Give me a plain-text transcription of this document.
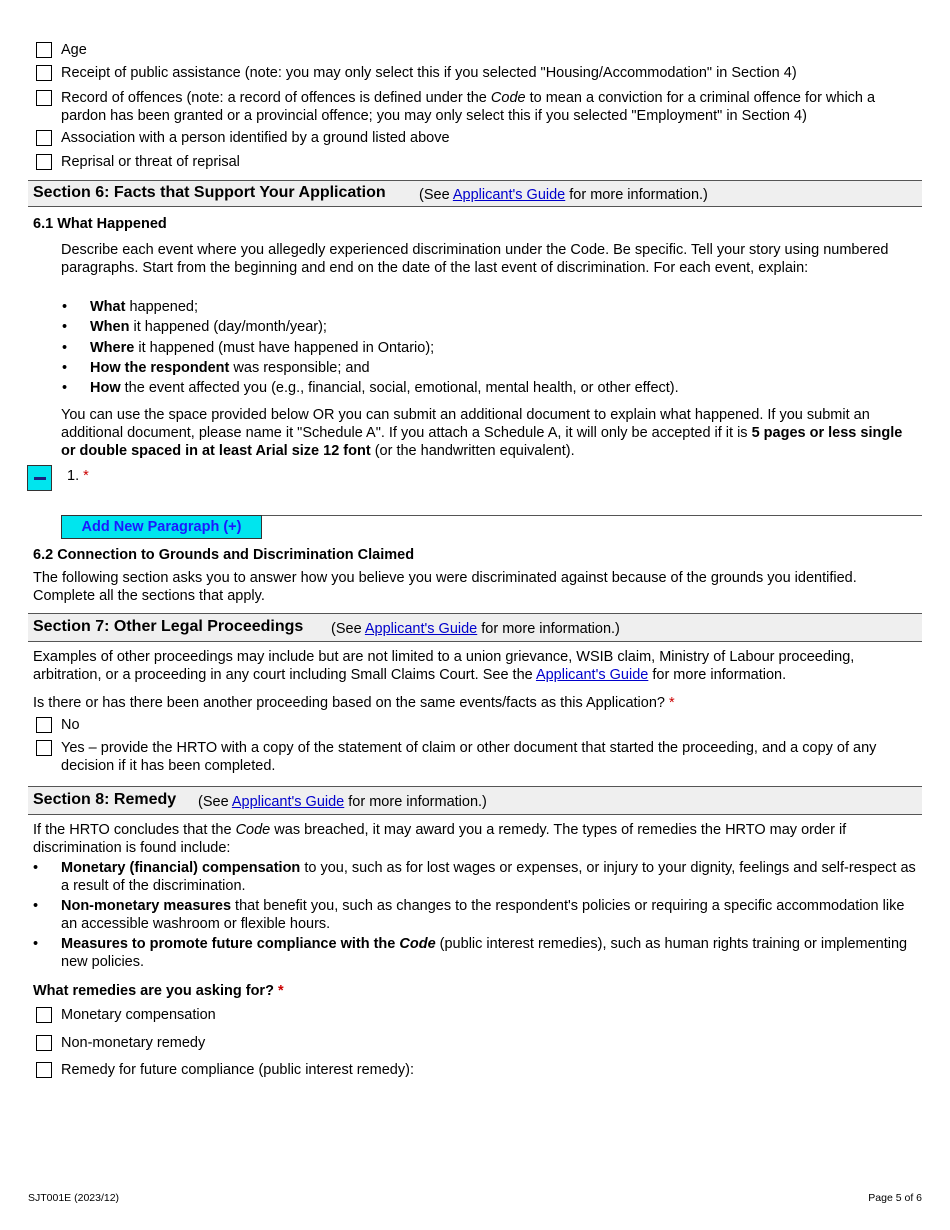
Age
Receipt of public assistance (note: you may only select this if you selected "Housing/Accommodation" in Section 4)
Record of offences (note: a record of offences is defined under the Code to mean a conviction for a criminal offence for which a pardon has been granted or a provincial offence; you may only select this if you selected "Employment" in Section 4)
Association with a person identified by a ground listed above
Reprisal or threat of reprisal
Section 6: Facts that Support Your Application (See Applicant's Guide for more information.)
6.1 What Happened
Describe each event where you allegedly experienced discrimination under the Code. Be specific. Tell your story using numbered paragraphs. Start from the beginning and end on the date of the last event of discrimination. For each event, explain:
• What happened;
• When it happened (day/month/year);
• Where it happened (must have happened in Ontario);
• How the respondent was responsible; and
• How the event affected you (e.g., financial, social, emotional, mental health, or other effect).
You can use the space provided below OR you can submit an additional document to explain what happened. If you submit an additional document, please name it "Schedule A". If you attach a Schedule A, it will only be accepted if it is 5 pages or less single or double spaced in at least Arial size 12 font (or the handwritten equivalent).
1. *
Add New Paragraph (+)
6.2 Connection to Grounds and Discrimination Claimed
The following section asks you to answer how you believe you were discriminated against because of the grounds you identified. Complete all the sections that apply.
Section 7: Other Legal Proceedings (See Applicant's Guide for more information.)
Examples of other proceedings may include but are not limited to a union grievance, WSIB claim, Ministry of Labour proceeding, arbitration, or a proceeding in any court including Small Claims Court. See the Applicant's Guide for more information.
Is there or has there been another proceeding based on the same events/facts as this Application? *
No
Yes – provide the HRTO with a copy of the statement of claim or other document that started the proceeding, and a copy of any decision if it has been completed.
Section 8: Remedy (See Applicant's Guide for more information.)
If the HRTO concludes that the Code was breached, it may award you a remedy. The types of remedies the HRTO may order if discrimination is found include:
• Monetary (financial) compensation to you, such as for lost wages or expenses, or injury to your dignity, feelings and self-respect as a result of the discrimination.
• Non-monetary measures that benefit you, such as changes to the respondent's policies or requiring a specific accommodation like an accessible washroom or flexible hours.
• Measures to promote future compliance with the Code (public interest remedies), such as human rights training or implementing new policies.
What remedies are you asking for? *
Monetary compensation
Non-monetary remedy
Remedy for future compliance (public interest remedy):
SJT001E (2023/12)	Page 5 of 6
